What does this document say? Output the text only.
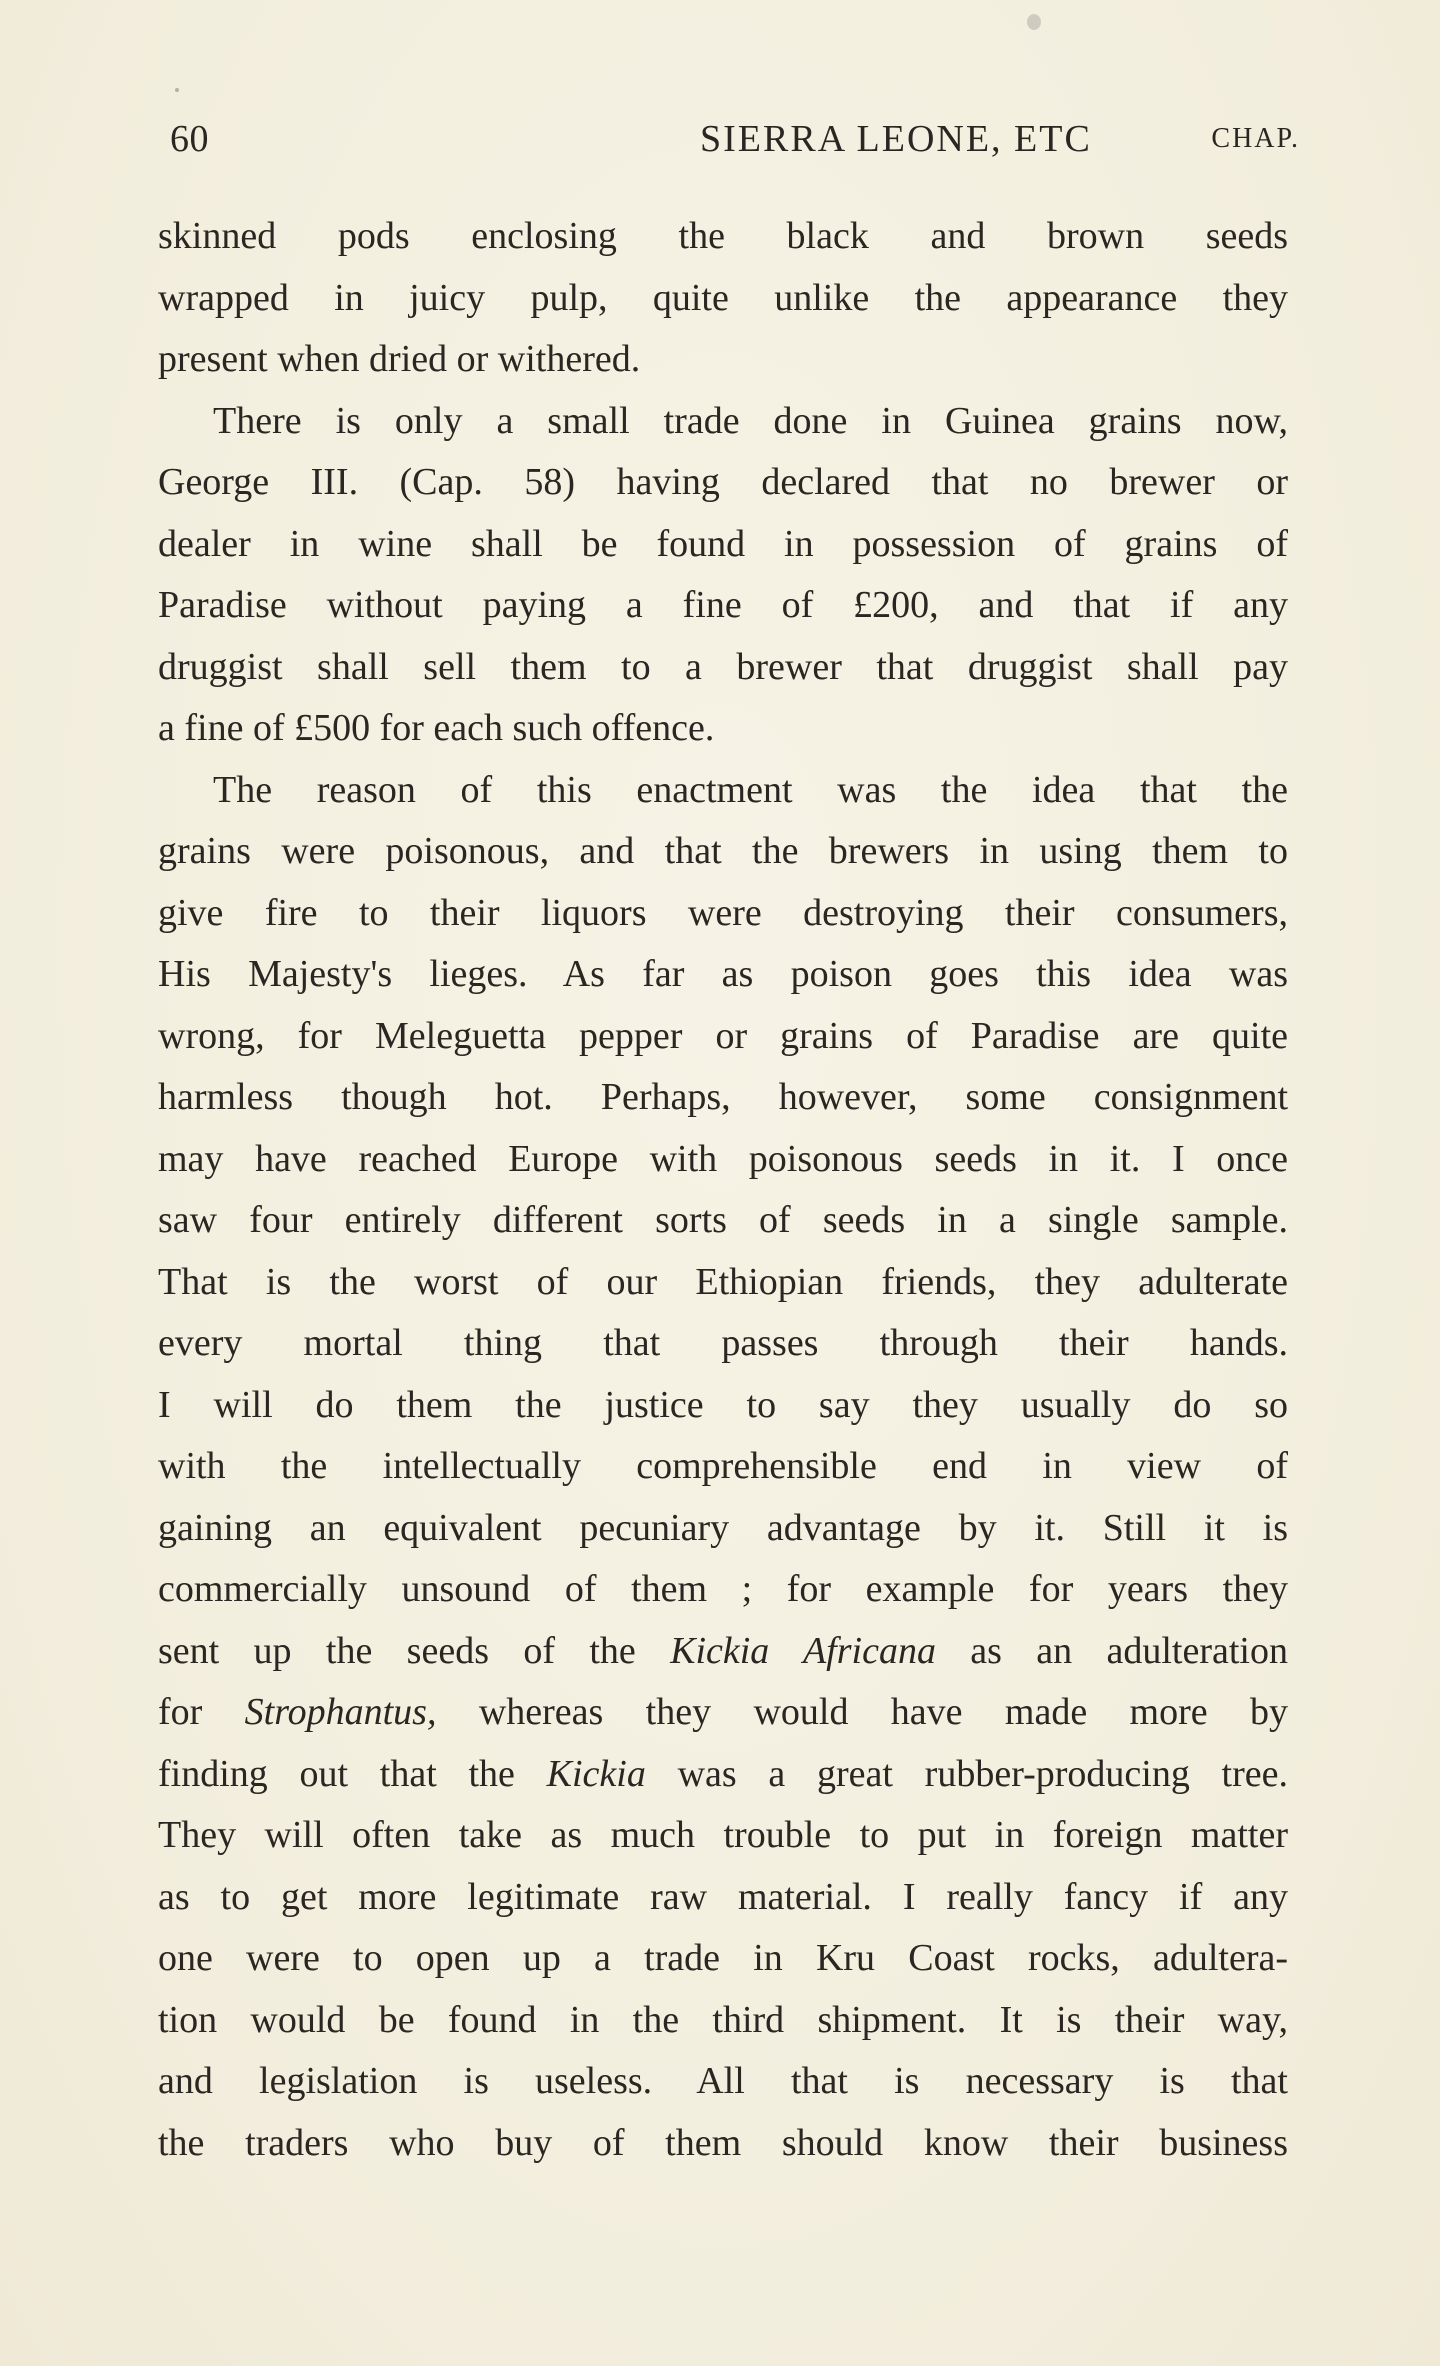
60	SIERRA LEONE, ETC	CHAP.
skinned pods enclosing the black and brown seeds
wrapped in juicy pulp, quite unlike the appearance they
present when dried or withered.
There is only a small trade done in Guinea grains now,
George III. (Cap. 58) having declared that no brewer or
dealer in wine shall be found in possession of grains of
Paradise without paying a fine of £200, and that if any
druggist shall sell them to a brewer that druggist shall pay
a fine of £500 for each such offence.
The reason of this enactment was the idea that the
grains were poisonous, and that the brewers in using them to
give fire to their liquors were destroying their consumers,
His Majesty's lieges. As far as poison goes this idea was
wrong, for Meleguetta pepper or grains of Paradise are quite
harmless though hot. Perhaps, however, some consignment
may have reached Europe with poisonous seeds in it. I once
saw four entirely different sorts of seeds in a single sample.
That is the worst of our Ethiopian friends, they adulterate
every mortal thing that passes through their hands.
I will do them the justice to say they usually do so
with the intellectually comprehensible end in view of
gaining an equivalent pecuniary advantage by it. Still it is
commercially unsound of them ; for example for years they
sent up the seeds of the Kickia Africana as an adulteration
for Strophantus, whereas they would have made more by
finding out that the Kickia was a great rubber-producing tree.
They will often take as much trouble to put in foreign matter
as to get more legitimate raw material. I really fancy if any
one were to open up a trade in Kru Coast rocks, adultera-
tion would be found in the third shipment. It is their way,
and legislation is useless. All that is necessary is that
the traders who buy of them should know their business
